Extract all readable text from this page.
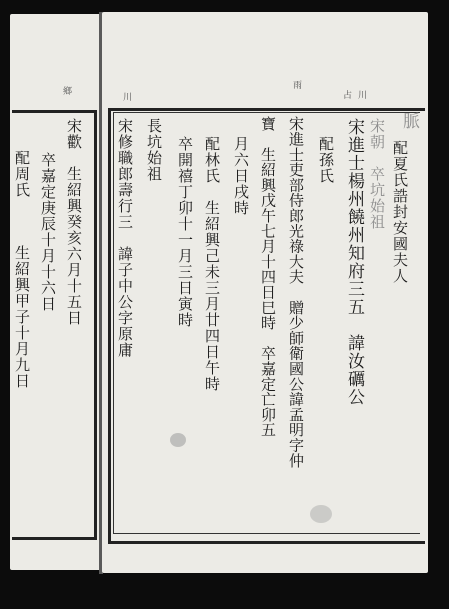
鄉
川	占
雨
川
脈
宋朝　卒坑始祖 配夏氏誥封安國夫人
宋進士楊州饒州知府三五　諱汝礪公
配孫氏
宋進士吏部侍郎光祿大夫　贈少師衛國公諱孟明字仲
寶　生紹興戊午七月十四日巳時　卒嘉定亡卯五
月六日戌時
配林氏　生紹興己未三月廿四日午時
卒開禧丁卯十一月三日寅時
長坑始祖
宋修職郎壽行三　諱子中公字原庸
宋歡　生紹興癸亥六月十五日
卒嘉定庚辰十月十六日
配周氏
生紹興甲子十月九日
